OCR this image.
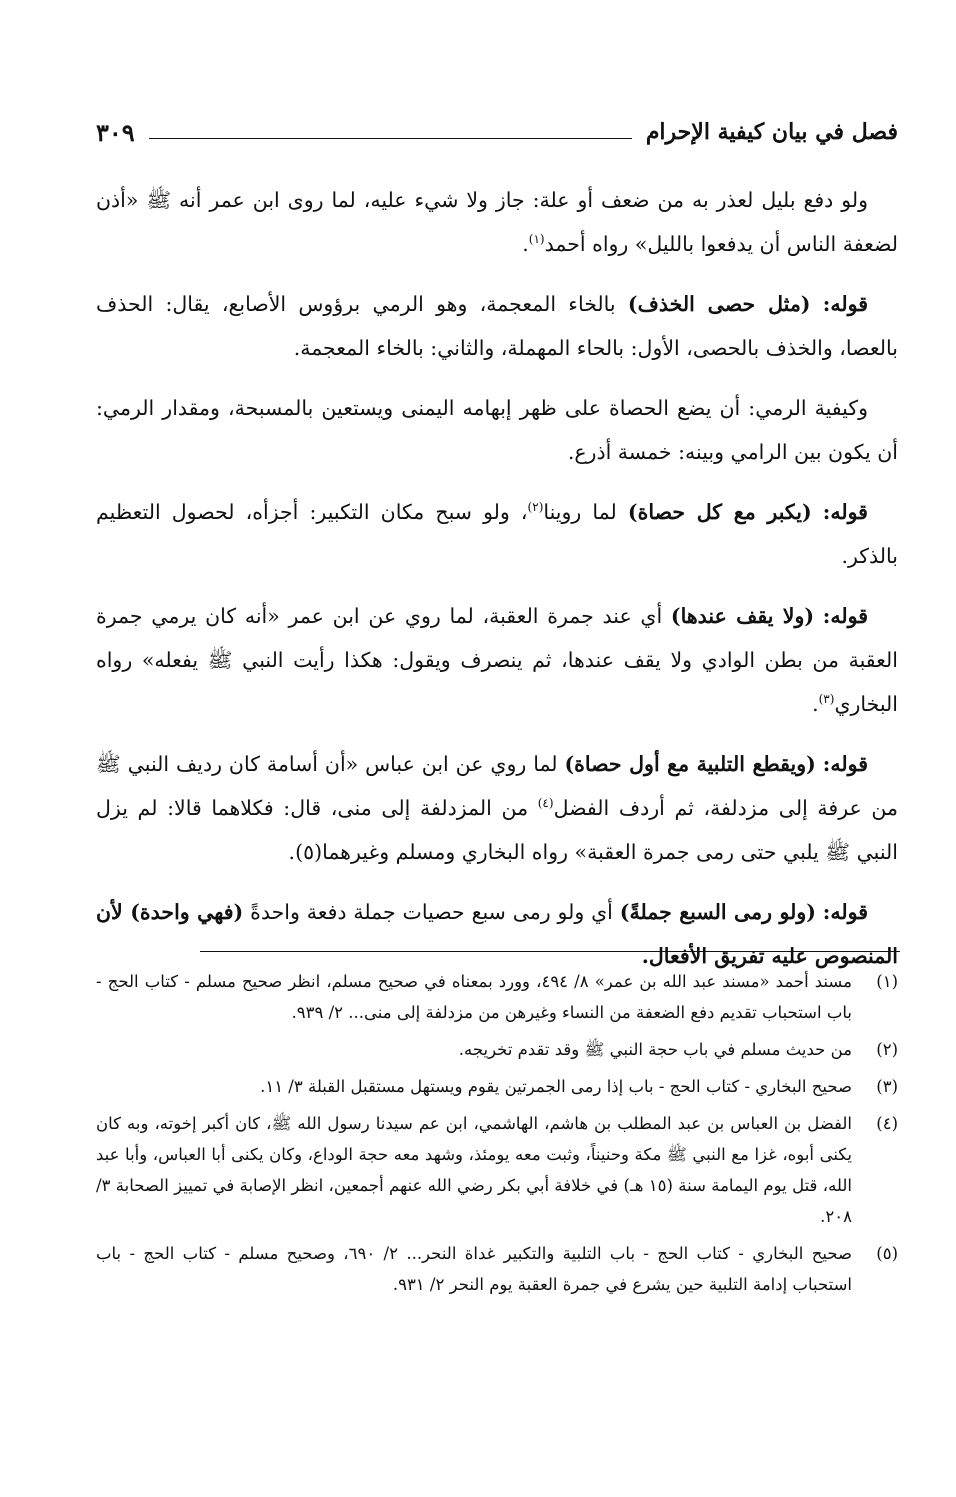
فصل في بيان كيفية الإحرام
٣٠٩

ولو دفع بليل لعذر به من ضعف أو علة: جاز ولا شيء عليه، لما روى ابن عمر أنه ﷺ «أذن لضعفة الناس أن يدفعوا بالليل» رواه أحمد$^{(١)}$.

قوله: (مثل حصى الخذف) بالخاء المعجمة، وهو الرمي برؤوس الأصابع، يقال: الحذف بالعصا، والخذف بالحصى، الأول: بالحاء المهملة، والثاني: بالخاء المعجمة.

وكيفية الرمي: أن يضع الحصاة على ظهر إبهامه اليمنى ويستعين بالمسبحة، ومقدار الرمي: أن يكون بين الرامي وبينه: خمسة أذرع.

قوله: (يكبر مع كل حصاة) لما روينا$^{(٢)}$، ولو سبح مكان التكبير: أجزأه، لحصول التعظيم بالذكر.

قوله: (ولا يقف عندها) أي عند جمرة العقبة، لما روي عن ابن عمر «أنه كان يرمي جمرة العقبة من بطن الوادي ولا يقف عندها، ثم ينصرف ويقول: هكذا رأيت النبي ﷺ يفعله» رواه البخاري$^{(٣)}$.

قوله: (ويقطع التلبية مع أول حصاة) لما روي عن ابن عباس «أن أسامة كان رديف النبي ﷺ من عرفة إلى مزدلفة، ثم أردف الفضل$^{(٤)}$ من المزدلفة إلى منى، قال: فكلاهما قالا: لم يزل النبي ﷺ يلبي حتى رمى جمرة العقبة» رواه البخاري ومسلم وغيرهما(٥).

قوله: (ولو رمى السبع جملةً) أي ولو رمى سبع حصيات جملة دفعة واحدةً (فهي واحدة) لأن المنصوص عليه تفريق الأفعال.

(١)
مسند أحمد «مسند عبد الله بن عمر» ٨/ ٤٩٤، وورد بمعناه في صحيح مسلم، انظر صحيح مسلم - كتاب الحج - باب استحباب تقديم دفع الضعفة من النساء وغيرهن من مزدلفة إلى منى... ٢/ ٩٣٩.
(٢)
من حديث مسلم في باب حجة النبي ﷺ وقد تقدم تخريجه.
(٣)
صحيح البخاري - كتاب الحج - باب إذا رمى الجمرتين يقوم ويستهل مستقبل القبلة ٣/ ١١.
(٤)
الفضل بن العباس بن عبد المطلب بن هاشم، الهاشمي، ابن عم سيدنا رسول الله ﷺ، كان أكبر إخوته، وبه كان يكنى أبوه، غزا مع النبي ﷺ مكة وحنيناً، وثبت معه يومئذ، وشهد معه حجة الوداع، وكان يكنى أبا العباس، وأبا عبد الله، قتل يوم اليمامة سنة (١٥ هـ) في خلافة أبي بكر رضي الله عنهم أجمعين، انظر الإصابة في تمييز الصحابة ٣/ ٢٠٨.
(٥)
صحيح البخاري - كتاب الحج - باب التلبية والتكبير غداة النحر... ٢/ ٦٩٠، وصحيح مسلم - كتاب الحج - باب استحباب إدامة التلبية حين يشرع في جمرة العقبة يوم النحر ٢/ ٩٣١.
